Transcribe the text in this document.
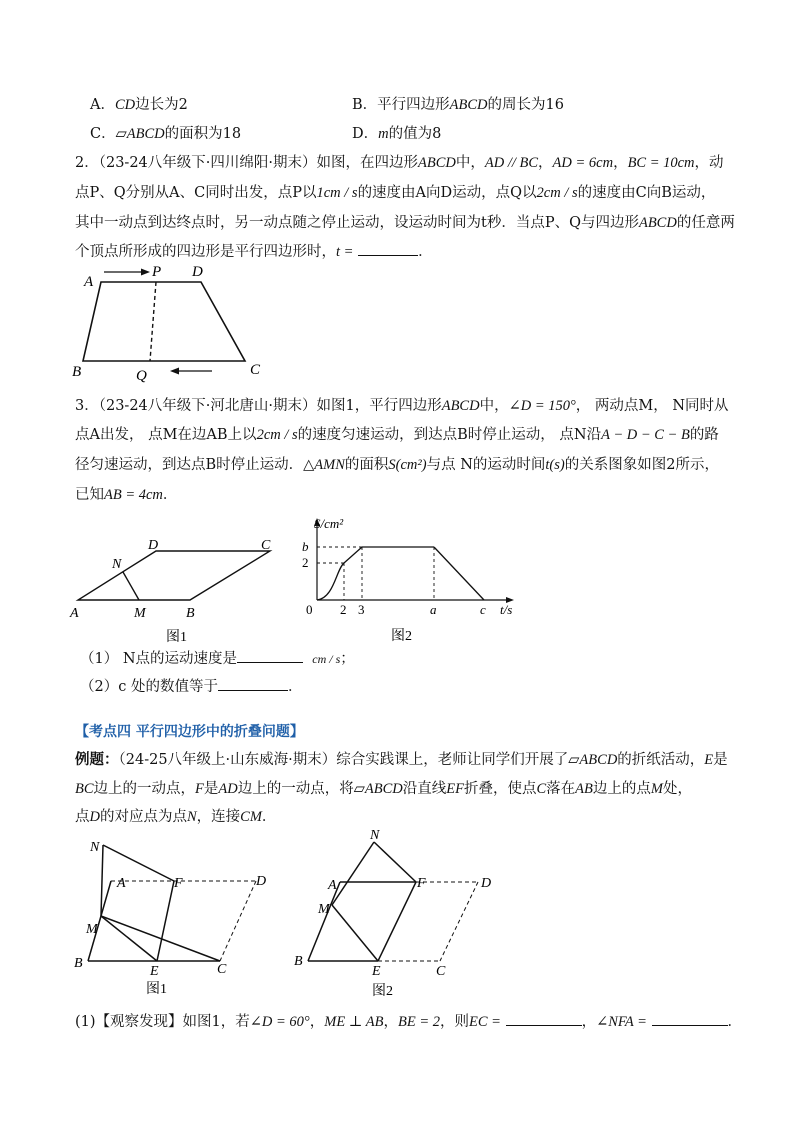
A．CD边长为2	B．平行四边形ABCD的周长为16
C．▱ABCD的面积为18	D．m的值为8
2．（23-24八年级下·四川绵阳·期末）如图，在四边形ABCD中，AD // BC，AD = 6cm，BC = 10cm，动
点P、Q分别从A、C同时出发，点P以1cm / s的速度由A向D运动，点Q以2cm / s的速度由C向B运动，
其中一动点到达终点时，另一动点随之停止运动，设运动时间为t秒．当点P、Q与四边形ABCD的任意两
个顶点所形成的四边形是平行四边形时，t =	．
A
P D
B	Q	C
3．（23-24八年级下·河北唐山·期末）如图1，平行四边形ABCD中，∠D = 150°， 两动点M， N同时从
点A出发， 点M在边AB上以2cm / s的速度匀速运动，到达点B时停止运动， 点N沿A − D − C − B的路
径匀速运动，到达点B时停止运动．△AMN的面积S(cm²)与点 N的运动时间t(s)的关系图象如图2所示，
已知AB = 4cm．
N
D	C
A	M	B
图1
S/cm²
b
2
0 2 3	a	c t/s
图2
（1） N点的运动速度是	cm / s；
（2）c 处的数值等于	．
【考点四 平行四边形中的折叠问题】
例题：（24-25八年级上·山东威海·期末）综合实践课上，老师让同学们开展了▱ABCD的折纸活动，E是
BC边上的一动点，F是AD边上的一动点，将▱ABCD沿直线EF折叠，使点C落在AB边上的点M处，
点D的对应点为点N，连接CM．
N
A	F	D
M
B
E	C
图1
N
A	F	D
M
B
E	C
图2
(1)【观察发现】如图1，若∠D = 60°，ME ⊥ AB，BE = 2，则EC =	，∠NFA =	．
